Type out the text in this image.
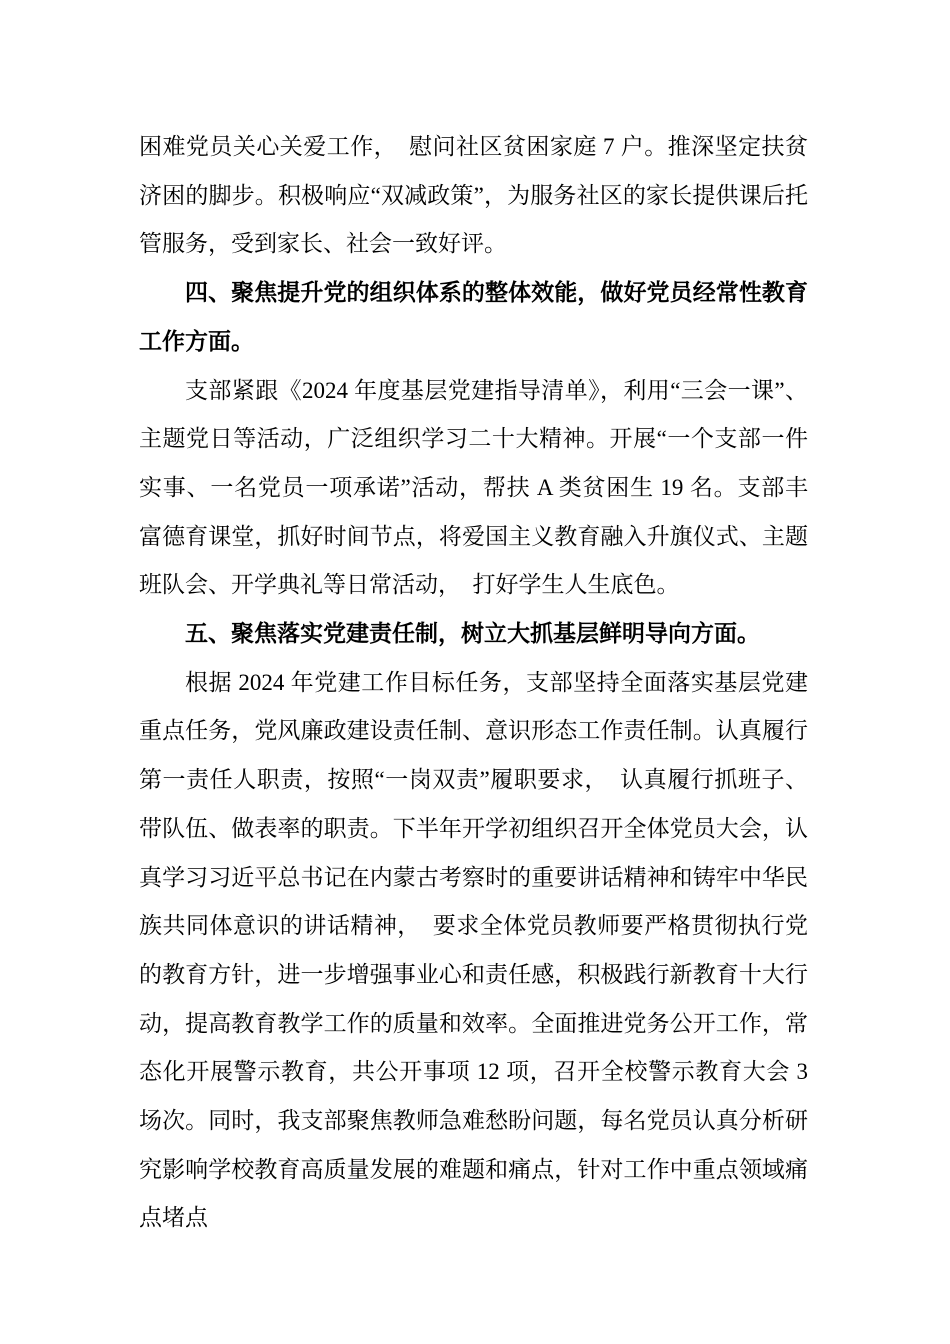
困难党员关心关爱工作，　慰问社区贫困家庭 7 户。推深坚定扶贫济困的脚步。积极响应“双减政策”，为服务社区的家长提供课后托管服务，受到家长、社会一致好评。

四、聚焦提升党的组织体系的整体效能，做好党员经常性教育工作方面。

支部紧跟《2024 年度基层党建指导清单》，利用“三会一课”、主题党日等活动，广泛组织学习二十大精神。开展“一个支部一件实事、一名党员一项承诺”活动，帮扶 A 类贫困生 19 名。支部丰富德育课堂，抓好时间节点，将爱国主义教育融入升旗仪式、主题班队会、开学典礼等日常活动，　打好学生人生底色。

五、聚焦落实党建责任制，树立大抓基层鲜明导向方面。

根据 2024 年党建工作目标任务，支部坚持全面落实基层党建重点任务，党风廉政建设责任制、意识形态工作责任制。认真履行第一责任人职责，按照“一岗双责”履职要求，　认真履行抓班子、带队伍、做表率的职责。下半年开学初组织召开全体党员大会，认真学习习近平总书记在内蒙古考察时的重要讲话精神和铸牢中华民族共同体意识的讲话精神，　要求全体党员教师要严格贯彻执行党的教育方针，进一步增强事业心和责任感，积极践行新教育十大行动，提高教育教学工作的质量和效率。全面推进党务公开工作，常态化开展警示教育，共公开事项 12 项，召开全校警示教育大会 3 场次。同时，我支部聚焦教师急难愁盼问题，每名党员认真分析研究影响学校教育高质量发展的难题和痛点，针对工作中重点领域痛点堵点
